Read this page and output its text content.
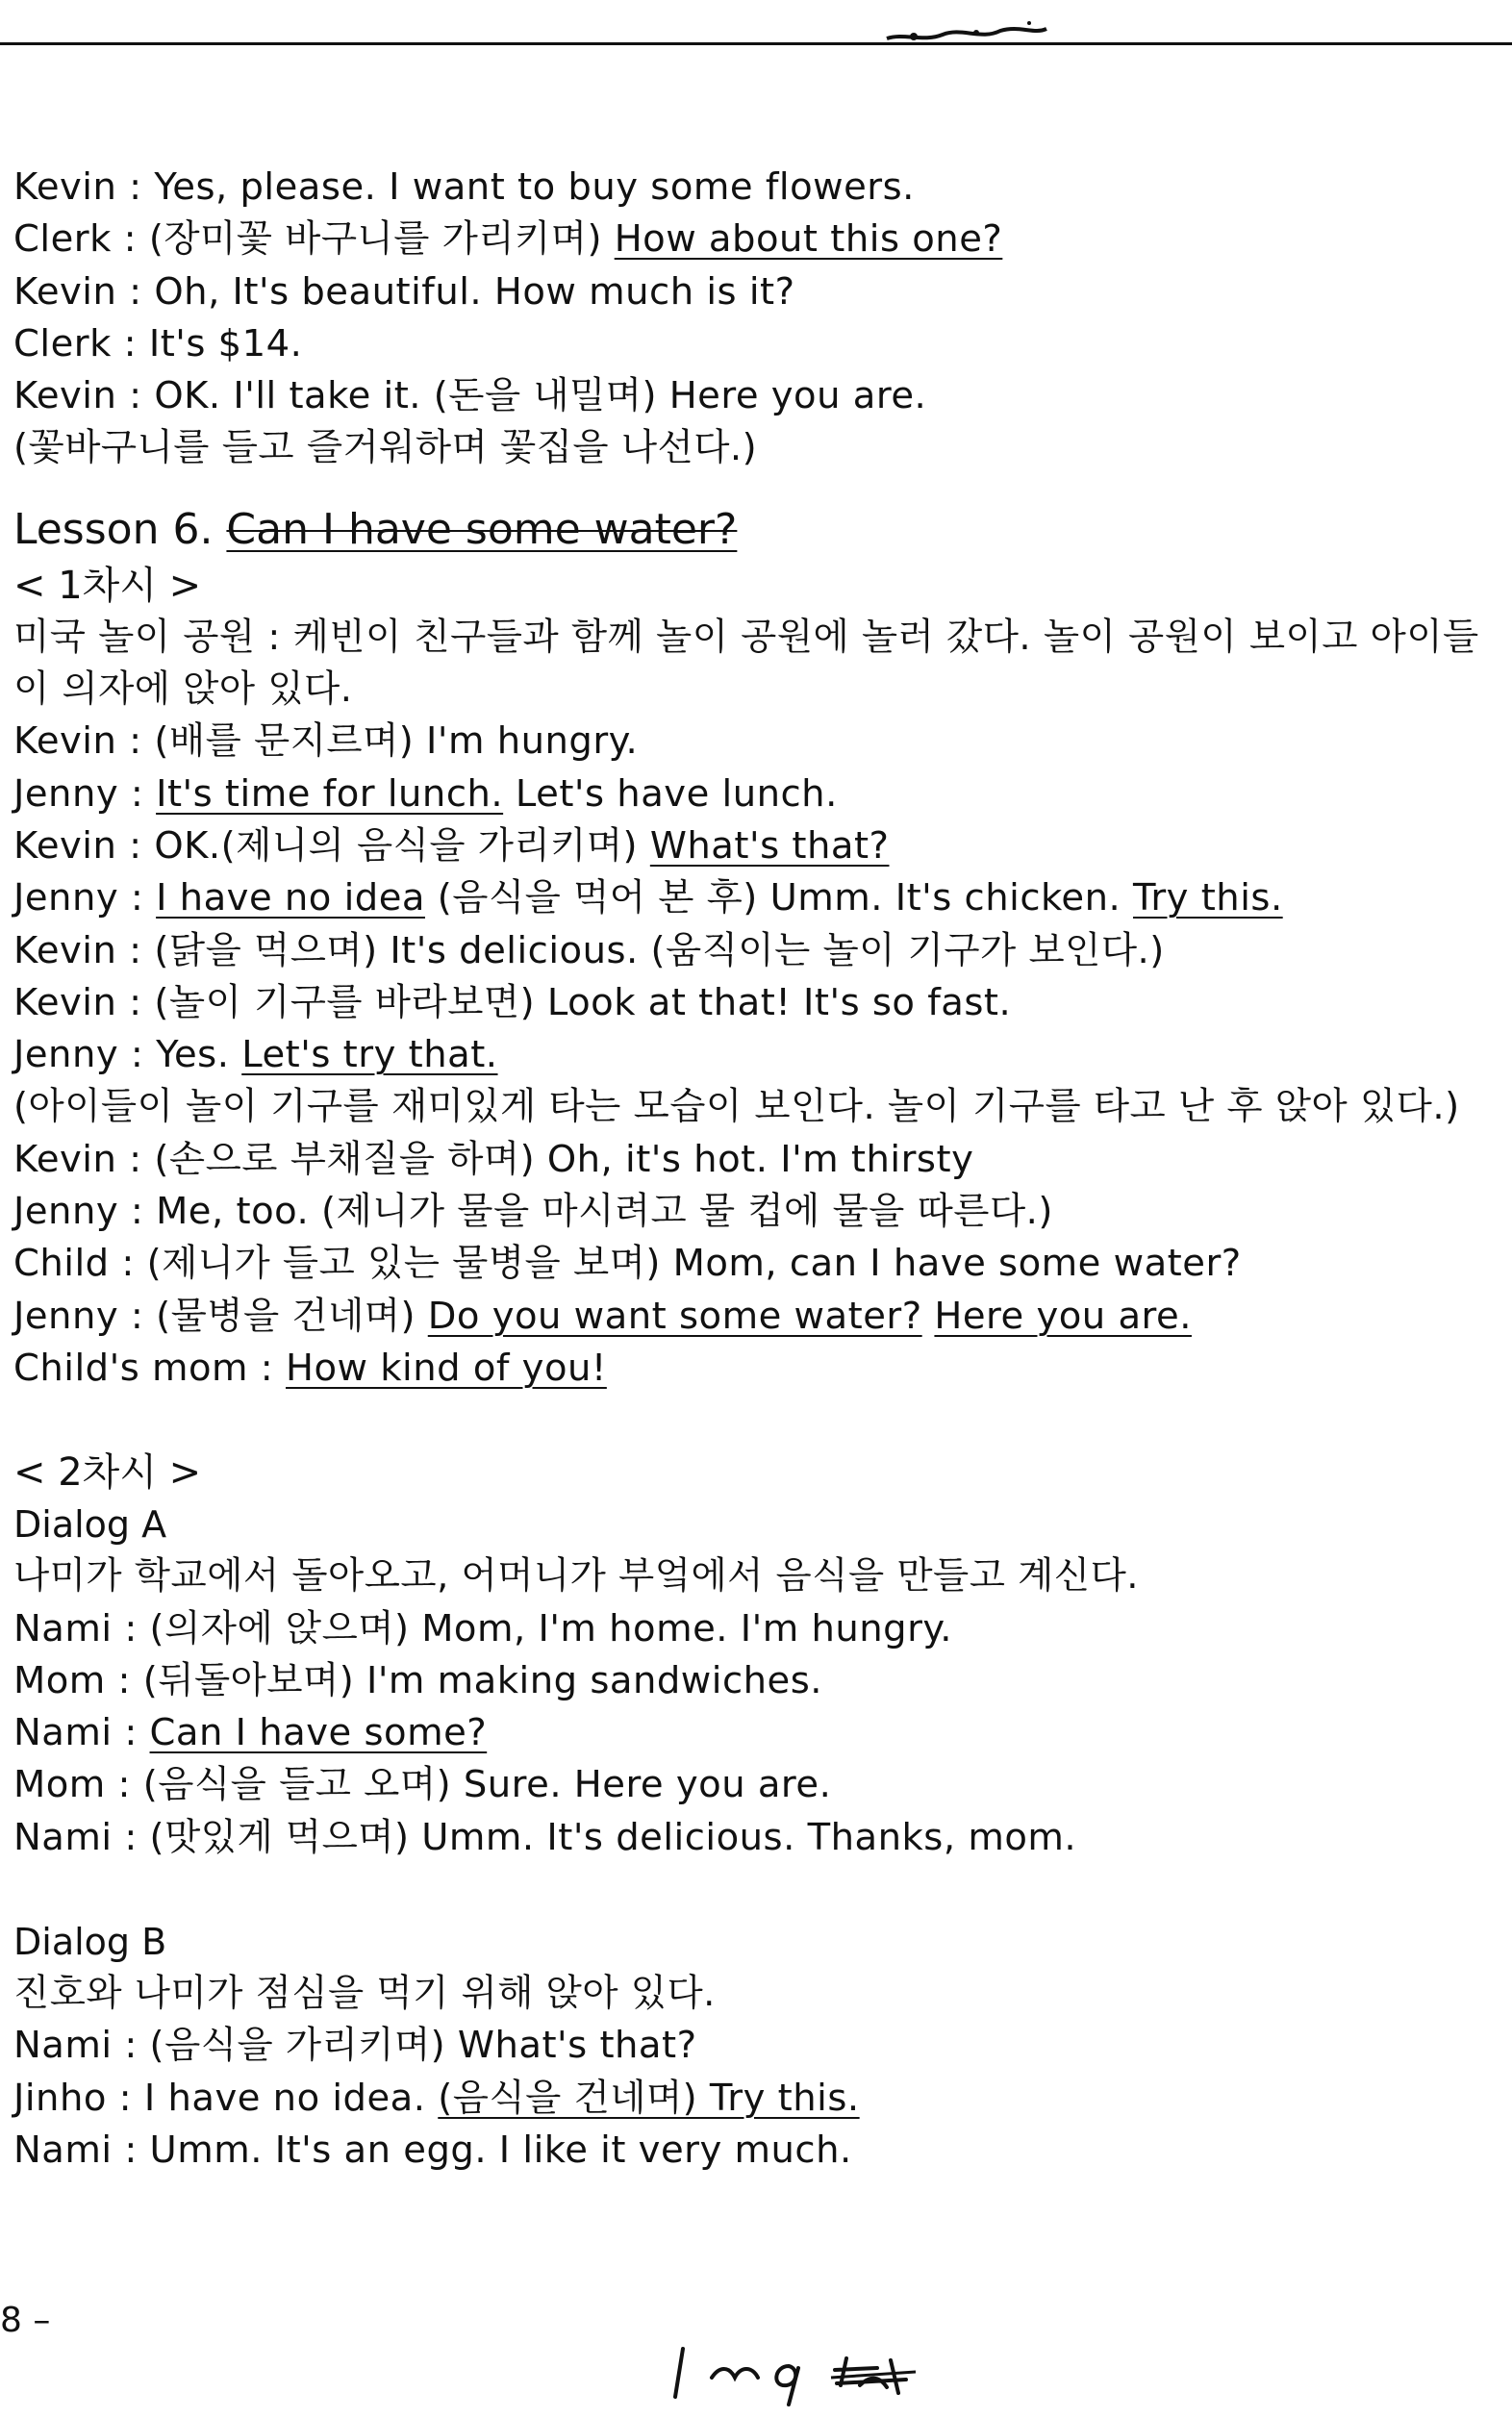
Kevin : Yes, please. I want to buy some flowers.
Clerk : (장미꽃 바구니를 가리키며) How about this one?
Kevin : Oh, It's beautiful. How much is it?
Clerk : It's $14.
Kevin : OK. I'll take it. (돈을 내밀며) Here you are.
(꽃바구니를 들고 즐거워하며 꽃집을 나선다.)
Lesson 6. Can I have some water?
< 1차시 >
미국 놀이 공원 : 케빈이 친구들과 함께 놀이 공원에 놀러 갔다. 놀이 공원이 보이고 아이들이 의자에 앉아 있다.
Kevin : (배를 문지르며) I'm hungry.
Jenny : It's time for lunch. Let's have lunch.
Kevin : OK.(제니의 음식을 가리키며) What's that?
Jenny : I have no idea (음식을 먹어 본 후) Umm. It's chicken. Try this.
Kevin : (닭을 먹으며) It's delicious. (움직이는 놀이 기구가 보인다.)
Kevin : (놀이 기구를 바라보면) Look at that! It's so fast.
Jenny : Yes. Let's try that.
(아이들이 놀이 기구를 재미있게 타는 모습이 보인다. 놀이 기구를 타고 난 후 앉아 있다.)
Kevin : (손으로 부채질을 하며) Oh, it's hot. I'm thirsty
Jenny : Me, too. (제니가 물을 마시려고 물 컵에 물을 따른다.)
Child : (제니가 들고 있는 물병을 보며) Mom, can I have some water?
Jenny : (물병을 건네며) Do you want some water? Here you are.
Child's mom : How kind of you!
< 2차시 >
Dialog A
나미가 학교에서 돌아오고, 어머니가 부엌에서 음식을 만들고 계신다.
Nami : (의자에 앉으며) Mom, I'm home. I'm hungry.
Mom : (뒤돌아보며) I'm making sandwiches.
Nami : Can I have some?
Mom : (음식을 들고 오며) Sure. Here you are.
Nami : (맛있게 먹으며) Umm. It's delicious. Thanks, mom.
Dialog B
진호와 나미가 점심을 먹기 위해 앉아 있다.
Nami : (음식을 가리키며) What's that?
Jinho : I have no idea. (음식을 건네며) Try this.
Nami : Umm. It's an egg. I like it very much.
8 –
